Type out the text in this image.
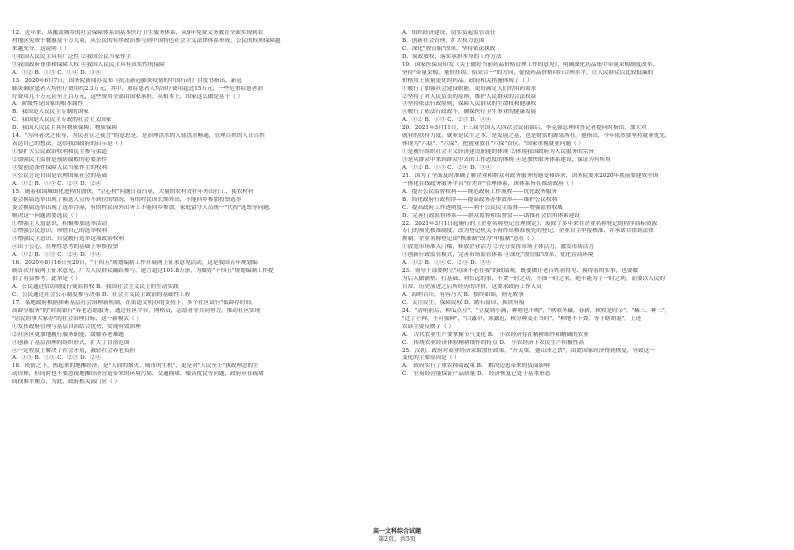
12．近年来，从覆盖城乡的社会保障体系到基本医疗卫生服务体系，从9年免费义务教育全面实现到农
村地区免费午餐惠及千万儿童，从公民的有序政治参与到中国特色社会主义法律体系形成，公民的权利保障越
来越充分。这说明（ ）
①我国人民民主具有广泛性 ②我国公民当家作主
③我国政府尊重和保障人权 ④我国人民民主具有真实性的保障
A．①② B．①③ C．①④ D．③④
13．2020年6月7日，国务院新闻办发布《抗击新冠肺炎疫情的中国行动》白皮书指出，新冠
肺炎确诊患者人均医疗费用约2.3万元，其中，重症患者人均治疗费用超过15万元，一些危重症患者治
疗费用几十万元甚至上百万元，这些费用全部由国家承担。从根本上，国家这么做是基于（ ）
A．阶级性是国家的根本属性
B．我国是人民民主专制的国家
C．我国是人民民主专政的社会主义国家
D．我国人民民主具有物质保障，物质保障
14．"为河者决之使导，为民者宣之使言"的意思是，是治理洪水的人使洪水畅通，管理百姓的人让百姓
表达自己的想法。这给我国政府的启示是（ ）
①要扩大公民政治权利和民主参与渠道
②加强民主监督是预防腐败的必要条件
③要创造条件保障人民当家作主的权利
④公民言论自由是管理国家社会的基础
A．①② B．①③ C．②③ D．②④
15．随着我国城镇化进程的加快，"空心村"问题日益凸显，大量的农村青壮年外出打工，使农村村
委会换届选举出现了候选人宣传不到位的情况，有的村民因长期外出，不能回乡参加投票选举
委会换届选举出现了选举冷漠，有的村民因外出务工不能回乡参加。家庭留守人员统一"代投"选票等问题，
解决这一问题需要选民（ ）
①增强主人翁意识，积极参加选举活动
②增强公民意识，珍惜自己的选举权利
③增强民主意识，自觉履行选举这项政治权利
④出于公心，在理性思考的基础上审慎投票
A．①② B．①③ C．②④ D．③④
16．2020年8月16日至29日，"十四五"规划编制工作开展网上征求意见活动，这是我国五年规划编
制首次开展网上征求意见，广大人民群众踊跃参与，建言超过101.8万条，为做好"十四五"规划编制工作提
供了有益参考。此举是（ ）
A．公民通过信访制度行使监督权 B．我国社会主义民主的生动实践
C．公民通过社会公示制度参与决策 D．社会主义民主政治的基础性工程
17．某地政府根据探索基层社会治理新机制，在街道文明办的支持下，多个社区试行"低龄存时间，
高龄享服务"的"时间银行"养老志愿服务，通过社区平台，网格员，志愿者等共同努力，推动社区实现
"居民的事大家办"的社会治理目标，这一新模式（ ）
①发挥政府管理与基层自治结合优势，实现有效治理
②社区区更加地履行服务职能，缓解养老难题
③创新了基层治理的组织形式，扩大了自治范围
④一定程度上解决了社会矛盾，减轻社会养老负担
A．①③ B．①④ C．②③ D．②④
18．疫情之下，热起来的地摊经济，是"人间的烟火，城市的生机"，更是对"人民至上"执政理念的生
动诠释，但同时也不要忽视地摊经济营造带来的环境污染、交通拥堵、噪音扰民等问题，政府应在疏堵
间找准平衡点，为此，政府相关部门应（ ）
A．组织经济建设，切实负起监管责任
B．创新社会管理，扩大权力范围
C．深化"放管服"改革，坚持依法执政
D．简政放权，落实承担本身的工作方法
19．国家医保局印发《关于做好当前药品价格管理工作的意见》，明确深化药品集中带量采购制度改革，
坚持"带量采购、量价挂钩、招采合一"的方向，促使药品价格回归合理水平，让人民群众以比较低廉的
价格用上质量更优的药品。政府相关措施体现了（ ）
①履行了加强社会建设职能，更好满足人们的用药需求
②坚持了对人民负责的原则，维护人民群众的合法权益
③坚持依法行政原则，保障人民群众的生命权和健康权
④履行了依法行政政不，确保医疗卫生事业的健康发展
A．①② B．①③ C．②③ D．③④
20．2021年3月11日，十三届全国人大四次会议闭幕后，李克强总理回答记者提问时指出，加大对
就业的扶持力度，就业是民生之本，是发展之基，也是财富的源泉所在。他指出，今年依然要坚持就业优先，
体现为"六稳"、"六保"，把就业放在"六保"首位。"国家重视就业问题（ ）
①是履行组织社会主义经济建设职能的体现 ②体现我国政府为人民服务的宗旨
③是从群众中来到群众中去的工作态度的体现 ④是加快服务体系建设，保证为有所用
A．①② B．①③ C．②④ D．③④
21．国为了全面及时准确了解企业和群众对政务服务的感受和诉求，国务院要求2020年底前要建成全国
一体化在线政务服务平台"好差评"管理体系，该体系旨在推动政府（ ）
A．提升公民监督权利——规范政府工作流程——优化政务服务
B．简化政府行政程序——提高政务办事效率——维护公民权利
C．提高政府工作透明度——利于公民民主监督——增强监督权威
D．完善行政监督体系——群众监督和监督常——助推社会信用体系建设
22．2021年3月1日起施行的《企业名称登记管理规定》，废除了多年来在企业名称登记的程序商标资源
专门的预先核准制度，改为登记机关不再作出核准预先的登记，企业自主申报核准、并承诺自律到法律
规制。企业名称登记由"核准制"改为"申报制"意在（ ）
①放宽市场准入门槛，释放企业活力 ②充分发挥市场主体活力，激发市场活力
③创新行政监管模式，完善市场监管体系 ④深化"放管服"改革，优化营商环境
A．①② B．①④ C．②③ D．③④
23．领导干部要树立"功成不必在我"的政绩观，既要做让老百姓看得见、摸得着的实事，也要做
为后人做铺垫、打基础、利长远的事，不贪一时之功，不图一时之名，绝不能为了一时之利，而要以人民的
日常、历史演进之后所经历的评价，这要求政府工作人员
A．海纳百川，有容乃大 B．慎终如始，则无败事
C．关注民生，保障民权 D．踏石留印，抓铁有痕
24．"清明前后，种瓜点豆"，"立夏到小满，种啥也不晚"，"秋收冬藏，春耕，秋收是时节"，"稀三、种三"，
"过了芒种，不可强种"，"白露早，寒露迟，秋分种麦正当时"，"种地不下粪，等于瞎胡混"。上述
农谚主要反映了（ ）
A． 古代农业生产要掌握节气变化 B． 小农经济存在精耕细作和精确的农业
C． 传统农业经济体验精耕细作的特点 D． 小农经济下农民生产积极性高
25．汉初，政府对商业经济采取放任政策，"开关梁，弛山泽之禁"，由此国家经济得到恢复，导致这一
变化的主要原因是（ ）
A． 政府实行了重农抑商政策 B． 解决边患带来的负面影响
C． 官府经营能保证产品质量 D． 经济恢复已处于基本形态
高一文科综合试题
第2页，共5页
